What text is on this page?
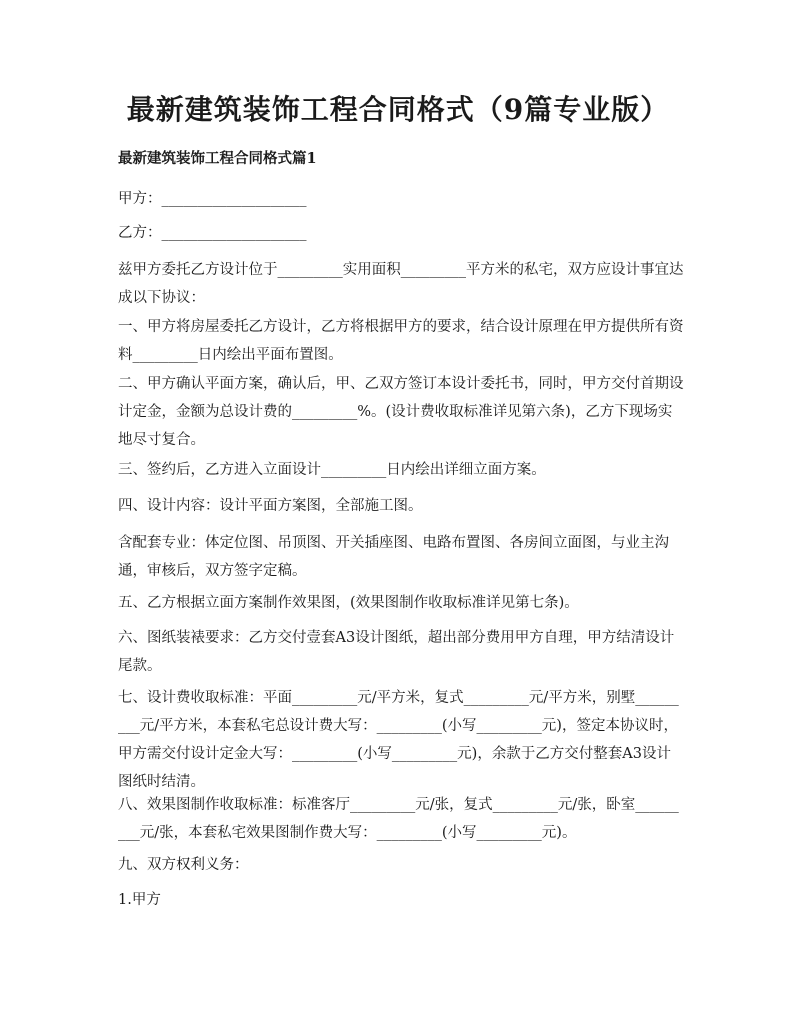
最新建筑装饰工程合同格式（9篇专业版）
最新建筑装饰工程合同格式篇1

甲方：____________________

乙方：____________________

兹甲方委托乙方设计位于_________实用面积_________平方米的私宅，双方应设计事宜达成以下协议：

一、甲方将房屋委托乙方设计，乙方将根据甲方的要求，结合设计原理在甲方提供所有资料_________日内绘出平面布置图。

二、甲方确认平面方案，确认后，甲、乙双方签订本设计委托书，同时，甲方交付首期设计定金，金额为总设计费的_________%。(设计费收取标准详见第六条)，乙方下现场实地尽寸复合。

三、签约后，乙方进入立面设计_________日内绘出详细立面方案。

四、设计内容：设计平面方案图，全部施工图。

含配套专业：体定位图、吊顶图、开关插座图、电路布置图、各房间立面图，与业主沟通，审核后，双方签字定稿。

五、乙方根据立面方案制作效果图，(效果图制作收取标准详见第七条)。

六、图纸装裱要求：乙方交付壹套A3设计图纸，超出部分费用甲方自理，甲方结清设计尾款。

七、设计费收取标准：平面_________元/平方米，复式_________元/平方米，别墅_________元/平方米，本套私宅总设计费大写：_________(小写_________元)，签定本协议时，甲方需交付设计定金大写：_________(小写_________元)，余款于乙方交付整套A3设计图纸时结清。

八、效果图制作收取标准：标准客厅_________元/张，复式_________元/张，卧室_________元/张，本套私宅效果图制作费大写：_________(小写_________元)。

九、双方权利义务：

1.甲方
